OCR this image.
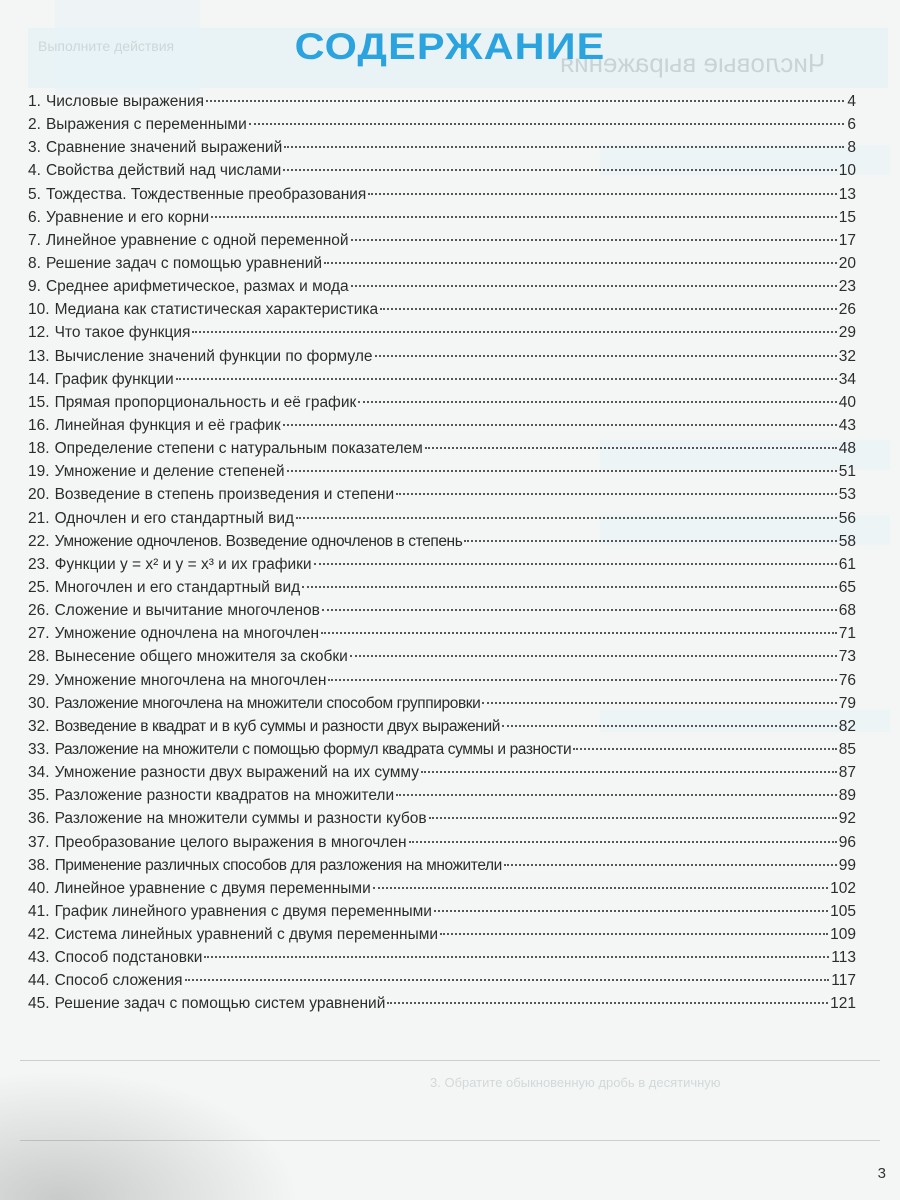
Выполните действия
Числовые выражения
3. Обратите обыкновенную дробь в десятичную
СОДЕРЖАНИЕ
1. Числовые выражения	4
2. Выражения с переменными	6
3. Сравнение значений выражений	8
4. Свойства действий над числами	10
5. Тождества. Тождественные преобразования	13
6. Уравнение и его корни	15
7. Линейное уравнение с одной переменной	17
8. Решение задач с помощью уравнений	20
9. Среднее арифметическое, размах и мода	23
10. Медиана как статистическая характеристика	26
12. Что такое функция	29
13. Вычисление значений функции по формуле	32
14. График функции	34
15. Прямая пропорциональность и её график	40
16. Линейная функция и её график	43
18. Определение степени с натуральным показателем	48
19. Умножение и деление степеней	51
20. Возведение в степень произведения и степени	53
21. Одночлен и его стандартный вид	56
22. Умножение одночленов. Возведение одночленов в степень	58
23. Функции y = x² и y = x³ и их графики	61
25. Многочлен и его стандартный вид	65
26. Сложение и вычитание многочленов	68
27. Умножение одночлена на многочлен	71
28. Вынесение общего множителя за скобки	73
29. Умножение многочлена на многочлен	76
30. Разложение многочлена на множители способом группировки	79
32. Возведение в квадрат и в куб суммы и разности двух выражений	82
33. Разложение на множители с помощью формул квадрата суммы и разности	85
34. Умножение разности двух выражений на их сумму	87
35. Разложение разности квадратов на множители	89
36. Разложение на множители суммы и разности кубов	92
37. Преобразование целого выражения в многочлен	96
38. Применение различных способов для разложения на множители	99
40. Линейное уравнение с двумя переменными	102
41. График линейного уравнения с двумя переменными	105
42. Система линейных уравнений с двумя переменными	109
43. Способ подстановки	113
44. Способ сложения	117
45. Решение задач с помощью систем уравнений	121
3
